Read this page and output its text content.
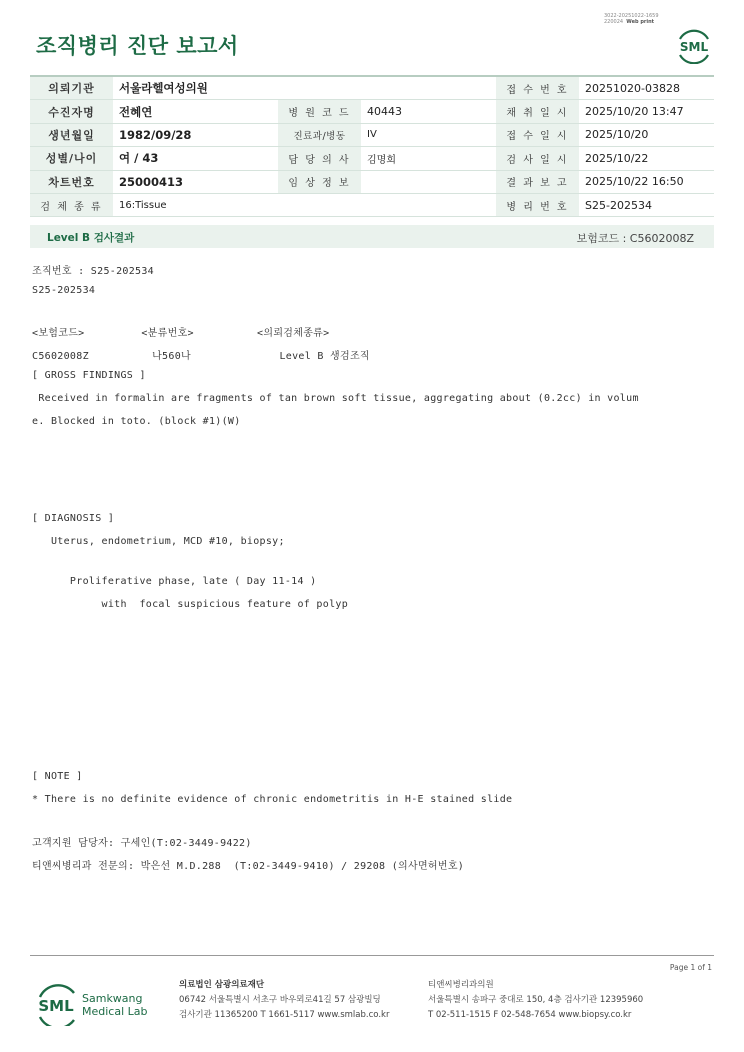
조직병리 진단 보고서
3022-20251022-1659
220024 Web print
SML
의뢰기관	서울라헬여성의원			접 수 번 호	20251020-03828
수진자명	전혜연	병 원 코 드	40443	채 취 일 시	2025/10/20 13:47
생년월일	1982/09/28	진료과/병동	IV	접 수 일 시	2025/10/20
성별/나이	여 / 43	담 당 의 사	김명희	검 사 일 시	2025/10/22
차트번호	25000413	임 상 정 보		결 과 보 고	2025/10/22 16:50
검 체 종 류	16:Tissue			병 리 번 호	S25-202534
Level B 검사결과	보험코드 : C5602008Z
조직번호 : S25-202534
S25-202534
<보험코드>         <분류번호>          <의뢰검체종류>
C5602008Z          나560나              Level B 생검조직
[ GROSS FINDINGS ]
Received in formalin are fragments of tan brown soft tissue, aggregating about (0.2cc) in volum
e. Blocked in toto. (block #1)(W)
[ DIAGNOSIS ]
Uterus, endometrium, MCD #10, biopsy;
Proliferative phase, late ( Day 11-14 )
with  focal suspicious feature of polyp
[ NOTE ]
* There is no definite evidence of chronic endometritis in H-E stained slide
고객지원 담당자: 구세인(T:02-3449-9422)
티앤씨병리과 전문의: 박은선 M.D.288  (T:02-3449-9410) / 29208 (의사면허번호)
Page 1 of 1
SML Samkwang
Medical Lab
의료법인 삼광의료재단
06742 서울특별시 서초구 바우뫼로41길 57 삼광빌딩
검사기관 11365200 T 1661-5117 www.smlab.co.kr
티앤씨병리과의원
서울특별시 송파구 중대로 150, 4층 검사기관 12395960
T 02-511-1515 F 02-548-7654 www.biopsy.co.kr
